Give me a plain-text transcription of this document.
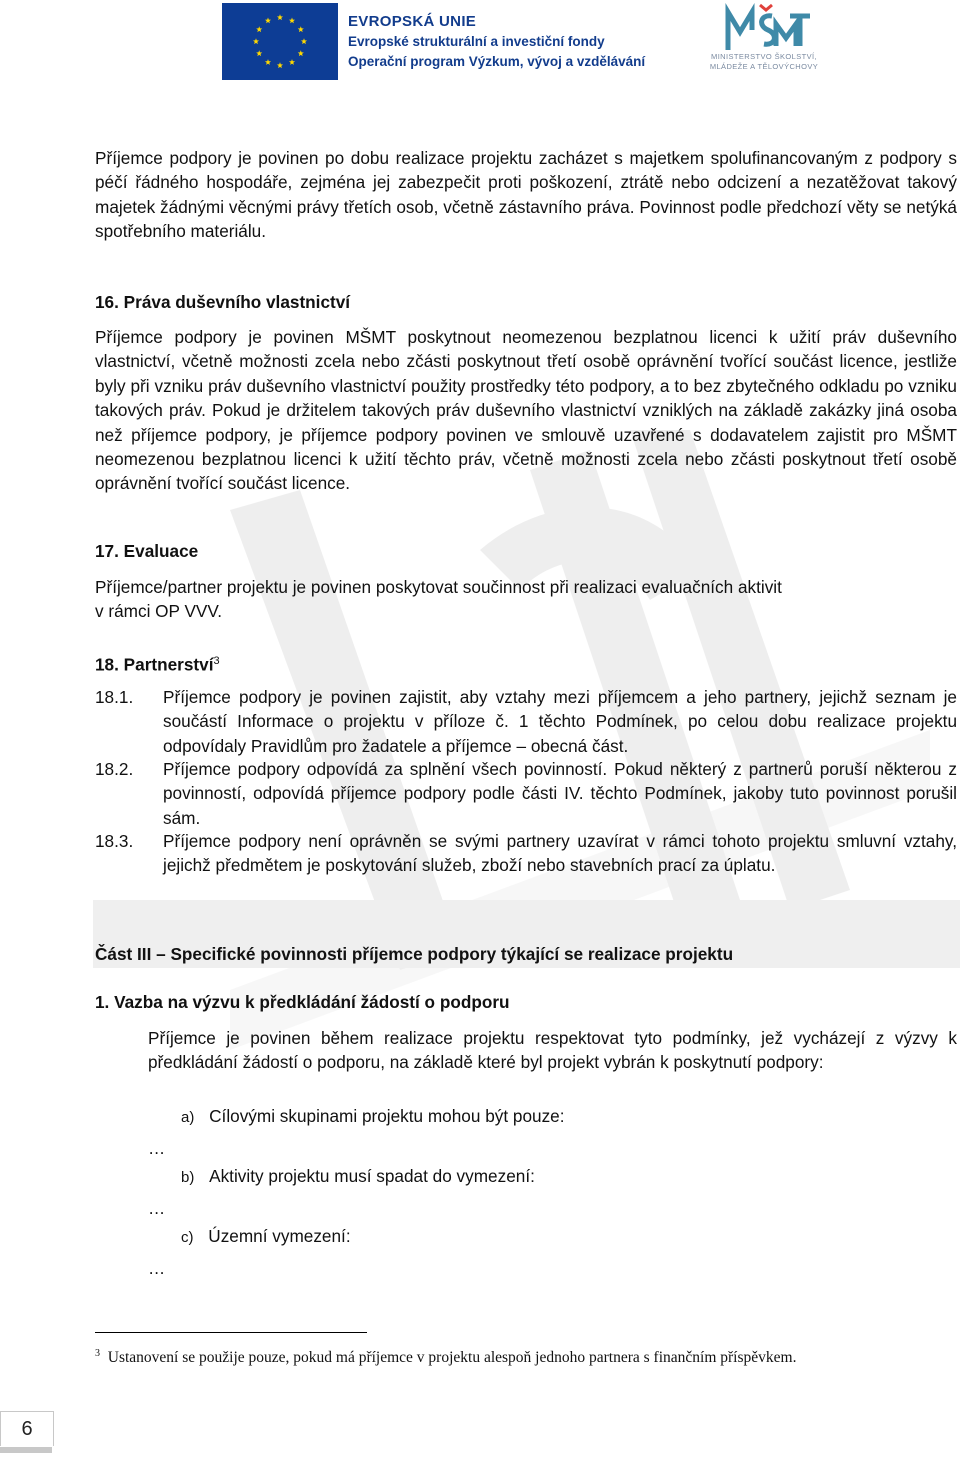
EVROPSKÁ UNIE
Evropské strukturální a investiční fondy
Operační program Výzkum, vývoj a vzdělávání	MINISTERSTVO ŠKOLSTVÍ,
MLÁDEŽE A TĚLOVÝCHOVY

Příjemce podpory je povinen po dobu realizace projektu zacházet s majetkem spolufinancovaným z podpory s péčí řádného hospodáře, zejména jej zabezpečit proti poškození, ztrátě nebo odcizení a nezatěžovat takový majetek žádnými věcnými právy třetích osob, včetně zástavního práva. Povinnost podle předchozí věty se netýká spotřebního materiálu.

16. Práva duševního vlastnictví

Příjemce podpory je povinen MŠMT poskytnout neomezenou bezplatnou licenci k užití práv duševního vlastnictví, včetně možnosti zcela nebo zčásti poskytnout třetí osobě oprávnění tvořící součást licence, jestliže byly při vzniku práv duševního vlastnictví použity prostředky této podpory, a to bez zbytečného odkladu po vzniku takových práv. Pokud je držitelem takových práv duševního vlastnictví vzniklých na základě zakázky jiná osoba než příjemce podpory, je příjemce podpory povinen ve smlouvě uzavřené s dodavatelem zajistit pro MŠMT neomezenou bezplatnou licenci k užití těchto práv, včetně možnosti zcela nebo zčásti poskytnout třetí osobě oprávnění tvořící součást licence.

17. Evaluace
Příjemce/partner projektu je povinen poskytovat součinnost při realizaci evaluačních aktivit
v rámci OP VVV.
18. Partnerství$^3$
18.1. Příjemce podpory je povinen zajistit, aby vztahy mezi příjemcem a jeho partnery, jejichž seznam je součástí Informace o projektu v příloze č. 1 těchto Podmínek, po celou dobu realizace projektu odpovídaly Pravidlům pro žadatele a příjemce – obecná část.
18.2. Příjemce podpory odpovídá za splnění všech povinností. Pokud některý z partnerů poruší některou z povinností, odpovídá příjemce podpory podle části IV. těchto Podmínek, jakoby tuto povinnost porušil sám.
18.3. Příjemce podpory není oprávněn se svými partnery uzavírat v rámci tohoto projektu smluvní vztahy, jejichž předmětem je poskytování služeb, zboží nebo stavebních prací za úplatu.
Část III – Specifické povinnosti příjemce podpory týkající se realizace projektu
1. Vazba na výzvu k předkládání žádostí o podporu
Příjemce je povinen během realizace projektu respektovat tyto podmínky, jež vycházejí z výzvy k předkládání žádostí o podporu, na základě které byl projekt vybrán k poskytnutí podpory:
a) Cílovými skupinami projektu mohou být pouze:
…
b) Aktivity projektu musí spadat do vymezení:
…
c) Územní vymezení:
…
$^3$ Ustanovení se použije pouze, pokud má příjemce v projektu alespoň jednoho partnera s finančním příspěvkem.
6
